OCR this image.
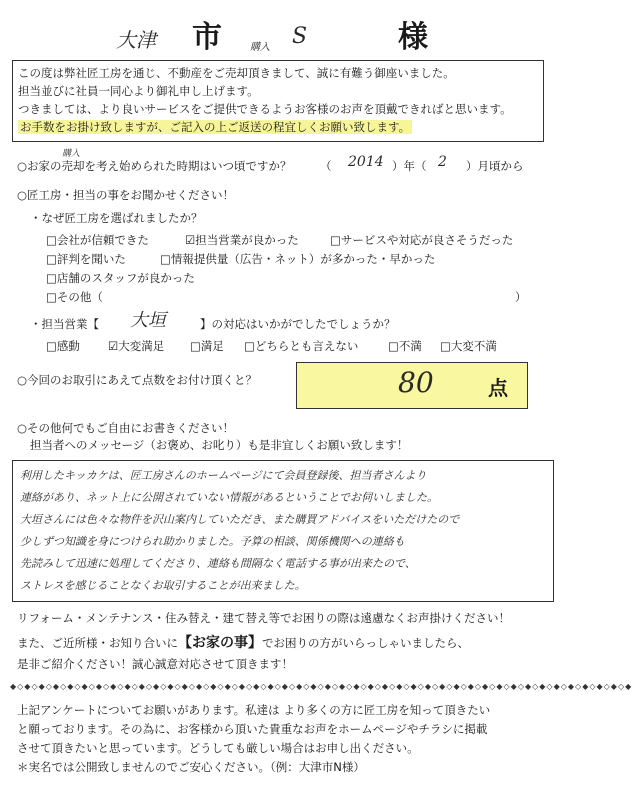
大津 市	購入 S	様
この度は弊社匠工房を通じ、不動産をご売却頂きまして、誠に有難う御座いました。
担当並びに社員一同心より御礼申し上げます。
つきましては、より良いサービスをご提供できるようお客様のお声を頂戴できればと思います。
お手数をお掛け致しますが、ご記入の上ご返送の程宜しくお願い致します。
購入
○お家の売却を考え始められた時期はいつ頃ですか？ （ 2014 ）年（ 2 ）月頃から
○匠工房・担当の事をお聞かせください！
・なぜ匠工房を選ばれましたか？
□会社が信頼できた	☑担当営業が良かった	□サービスや対応が良さそうだった
□評判を聞いた	□情報提供量（広告・ネット）が多かった・早かった
□店舗のスタッフが良かった
□その他（	）
・担当営業【 大垣	】の対応はいかがでしたでしょうか？
□感動 ☑大変満足 □満足 □どちらとも言えない	□不満 □大変不満
○今回のお取引にあえて点数をお付け頂くと？	80	点
○その他何でもご自由にお書きください！
担当者へのメッセージ（お褒め、お叱り）も是非宜しくお願い致します！
利用したキッカケは、匠工房さんのホームページにて会員登録後、担当者さんより
連絡があり、ネット上に公開されていない情報があるということでお伺いしました。
大垣さんには色々な物件を沢山案内していただき、また購買アドバイスをいただけたので
少しずつ知識を身につけられ助かりました。予算の相談、関係機関への連絡も
先読みして迅速に処理してくださり、連絡も間隔なく電話する事が出来たので、
ストレスを感じることなくお取引することが出来ました。
リフォーム・メンテナンス・住み替え・建て替え等でお困りの際は遠慮なくお声掛けください！
また、ご近所様・お知り合いに【お家の事】でお困りの方がいらっしゃいましたら、
是非ご紹介ください！誠心誠意対応させて頂きます！
◆◇◆◇◆◇◆◇◆◇◆◇◆◇◆◇◆◇◆◇◆◇◆◇◆◇◆◇◆◇◆◇◆◇◆◇◆◇◆◇◆◇◆◇◆◇◆◇◆◇◆◇◆◇◆◇◆◇◆◇◆◇◆◇◆◇◆◇◆◇◆◇◆◇◆◇◆◇◆◇◆◇◆◇◆◇◆
上記アンケートについてお願いがあります。私達は より多くの方に匠工房を知って頂きたい
と願っております。その為に、お客様から頂いた貴重なお声をホームページやチラシに掲載
させて頂きたいと思っています。どうしても厳しい場合はお申し出ください。
＊実名では公開致しませんのでご安心ください。（例：大津市N様）
